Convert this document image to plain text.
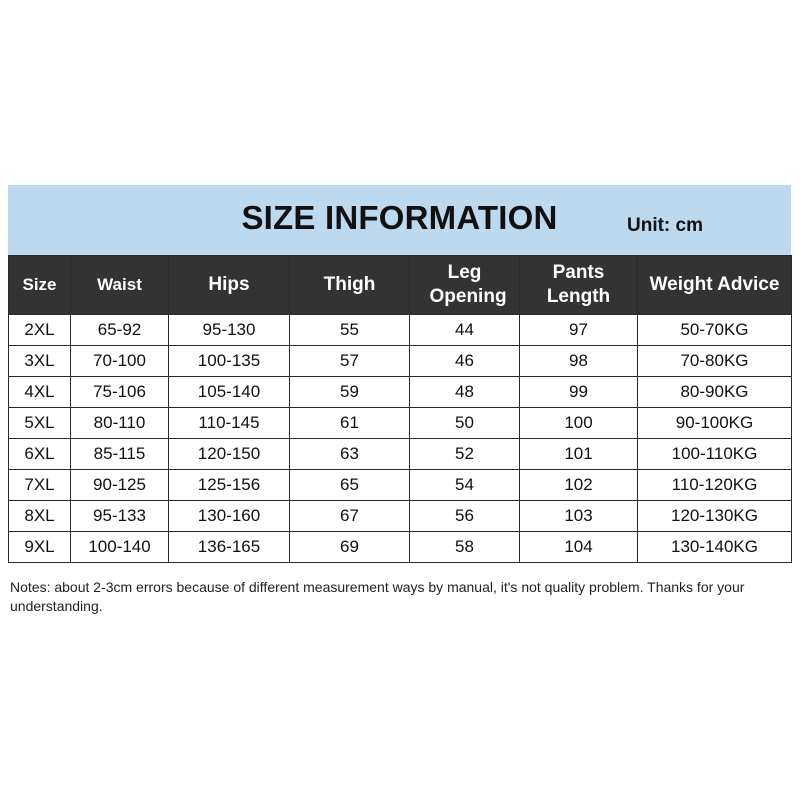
SIZE INFORMATION	Unit: cm
Size	Waist	Hips	Thigh	Leg Opening	Pants Length	Weight Advice
2XL	65-92	95-130	55	44	97	50-70KG
3XL	70-100	100-135	57	46	98	70-80KG
4XL	75-106	105-140	59	48	99	80-90KG
5XL	80-110	110-145	61	50	100	90-100KG
6XL	85-115	120-150	63	52	101	100-110KG
7XL	90-125	125-156	65	54	102	110-120KG
8XL	95-133	130-160	67	56	103	120-130KG
9XL	100-140	136-165	69	58	104	130-140KG
Notes: about 2-3cm errors because of different measurement ways by manual, it's not quality problem. Thanks for your understanding.
